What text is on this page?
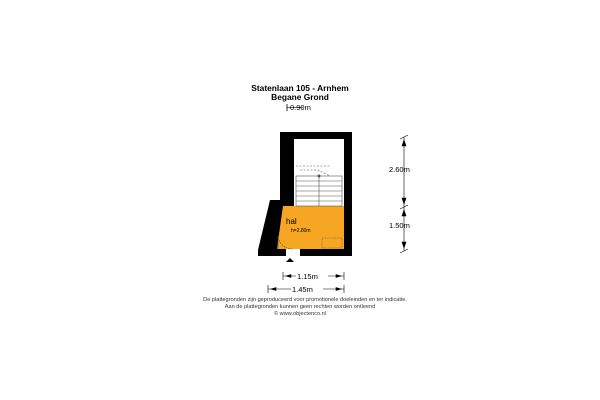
Statenlaan 105 - Arnhem
Begane Grond
0.90m
hal
h=2.80m
2.60m
1.50m
1.15m
1.45m
De plattegronden zijn geproduceerd voor promotionele doeleinden en ter indicatie.
Aan de plattegronden kunnen geen rechten worden ontleend
© www.objectenco.nl
